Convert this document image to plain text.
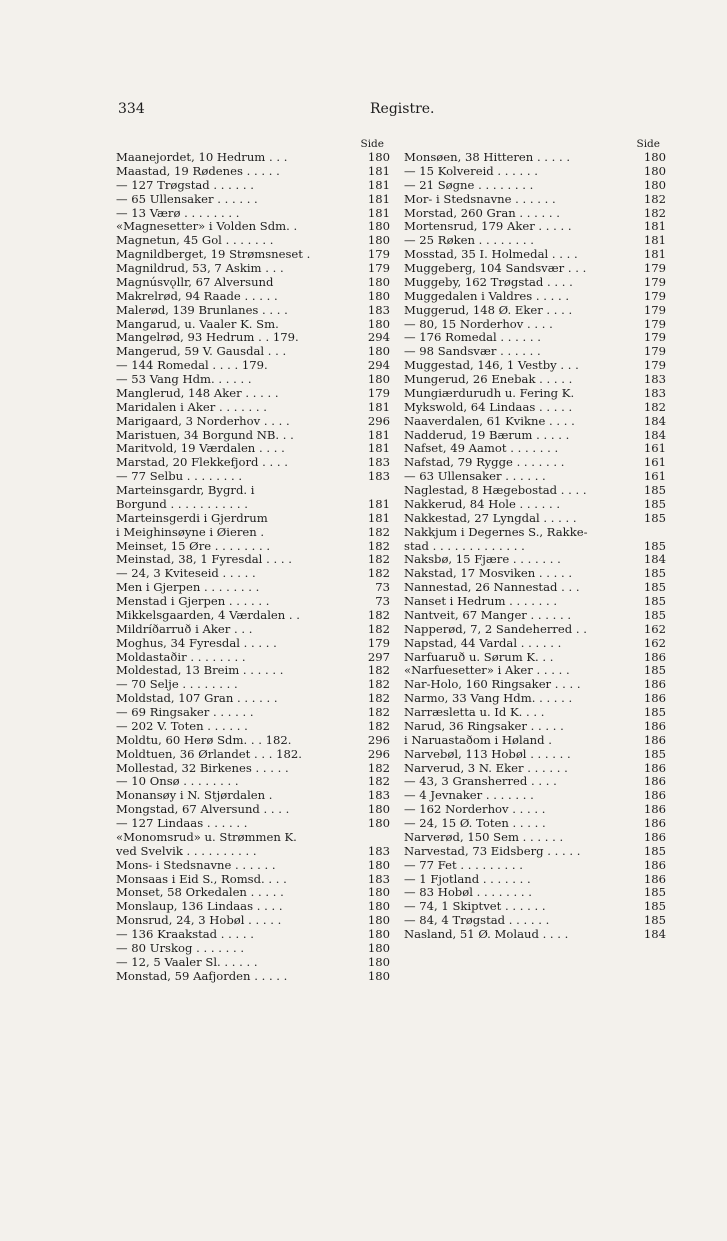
334	Registre.
Side
Maanejordet, 10 Hedrum . . .	180
Maastad, 19 Rødenes . . . . .	181
— 127 Trøgstad . . . . . .	181
— 65 Ullensaker . . . . . .	181
— 13 Værø . . . . . . . .	181
«Magnesetter» i Volden Sdm. .	180
Magnetun, 45 Gol . . . . . . .	180
Magnildberget, 19 Strømsneset .	179
Magnildrud, 53, 7 Askim . . .	179
Magnúsvǫllr, 67 Alversund	180
Makrelrød, 94 Raade . . . . .	180
Malerød, 139 Brunlanes . . . .	183
Mangarud, u. Vaaler K. Sm.	180
Mangelrød, 93 Hedrum . . 179.	294
Mangerud, 59 V. Gausdal . . .	180
— 144 Romedal . . . . 179.	294
— 53 Vang Hdm. . . . . .	180
Manglerud, 148 Aker . . . . .	179
Maridalen i Aker . . . . . . .	181
Marigaard, 3 Norderhov . . . .	296
Maristuen, 34 Borgund NB. . .	181
Maritvold, 19 Værdalen . . . .	181
Marstad, 20 Flekkefjord . . . .	183
— 77 Selbu . . . . . . . .	183
Marteinsgardr, Bygrd. i
Borgund . . . . . . . . . . .	181
Marteinsgerdi i Gjerdrum	181
i Meighinsøyne i Øieren .	182
Meinset, 15 Øre . . . . . . . .	182
Meinstad, 38, 1 Fyresdal . . . .	182
— 24, 3 Kviteseid . . . . .	182
Men i Gjerpen . . . . . . . .	73
Menstad i Gjerpen . . . . . .	73
Mikkelsgaarden, 4 Værdalen . .	182
Mildríðarruð i Aker . . .	182
Moghus, 34 Fyresdal . . . . .	179
Moldastaðir . . . . . . . .	297
Moldestad, 13 Breim . . . . . .	182
— 70 Selje . . . . . . . .	182
Moldstad, 107 Gran . . . . . .	182
— 69 Ringsaker . . . . . .	182
— 202 V. Toten . . . . . .	182
Moldtu, 60 Herø Sdm. . . 182.	296
Moldtuen, 36 Ørlandet . . . 182.	296
Mollestad, 32 Birkenes . . . . .	182
— 10 Onsø . . . . . . . .	182
Monansøy i N. Stjørdalen .	183
Mongstad, 67 Alversund . . . .	180
— 127 Lindaas . . . . . .	180
«Monomsrud» u. Strømmen K.
ved Svelvik . . . . . . . . . .	183
Mons- i Stedsnavne . . . . . .	180
Monsaas i Eid S., Romsd. . . .	183
Monset, 58 Orkedalen . . . . .	180
Monslaup, 136 Lindaas . . . .	180
Monsrud, 24, 3 Hobøl . . . . .	180
— 136 Kraakstad . . . . .	180
— 80 Urskog . . . . . . .	180
— 12, 5 Vaaler Sl. . . . . .	180
Monstad, 59 Aafjorden . . . . .	180
Side
Monsøen, 38 Hitteren . . . . .	180
— 15 Kolvereid . . . . . .	180
— 21 Søgne . . . . . . . .	180
Mor- i Stedsnavne . . . . . .	182
Morstad, 260 Gran . . . . . .	182
Mortensrud, 179 Aker . . . . .	181
— 25 Røken . . . . . . . .	181
Mosstad, 35 I. Holmedal . . . .	181
Muggeberg, 104 Sandsvær . . .	179
Muggeby, 162 Trøgstad . . . .	179
Muggedalen i Valdres . . . . .	179
Muggerud, 148 Ø. Eker . . . .	179
— 80, 15 Norderhov . . . .	179
— 176 Romedal . . . . . .	179
— 98 Sandsvær . . . . . .	179
Muggestad, 146, 1 Vestby . . .	179
Mungerud, 26 Enebak . . . . .	183
Mungiærdurudh u. Fering K.	183
Mykswold, 64 Lindaas . . . . .	182
Naaverdalen, 61 Kvikne . . . .	184
Nadderud, 19 Bærum . . . . .	184
Nafset, 49 Aamot . . . . . . .	161
Nafstad, 79 Rygge . . . . . . .	161
— 63 Ullensaker . . . . . .	161
Naglestad, 8 Hægebostad . . . .	185
Nakkerud, 84 Hole . . . . . .	185
Nakkestad, 27 Lyngdal . . . . .	185
Nakkjum i Degernes S., Rakke-
stad . . . . . . . . . . . . .	185
Naksbø, 15 Fjære . . . . . . .	184
Nakstad, 17 Mosviken . . . . .	185
Nannestad, 26 Nannestad . . .	185
Nanset i Hedrum . . . . . . .	185
Nantveit, 67 Manger . . . . . .	185
Napperød, 7, 2 Sandeherred . .	162
Napstad, 44 Vardal . . . . . .	162
Narfuaruð u. Sørum K. . .	186
«Narfuesetter» i Aker . . . . .	185
Nar-Holo, 160 Ringsaker . . . .	186
Narmo, 33 Vang Hdm. . . . . .	186
Narræsletta u. Id K. . . .	185
Narud, 36 Ringsaker . . . . .	186
i Naruastaðom i Høland .	186
Narvebøl, 113 Hobøl . . . . . .	185
Narverud, 3 N. Eker . . . . . .	186
— 43, 3 Gransherred . . . .	186
— 4 Jevnaker . . . . . . .	186
— 162 Norderhov . . . . .	186
— 24, 15 Ø. Toten . . . . .	186
Narverød, 150 Sem . . . . . .	186
Narvestad, 73 Eidsberg . . . . .	185
— 77 Fet . . . . . . . . .	186
— 1 Fjotland . . . . . . .	186
— 83 Hobøl . . . . . . . .	185
— 74, 1 Skiptvet . . . . . .	185
— 84, 4 Trøgstad . . . . . .	185
Nasland, 51 Ø. Molaud . . . .	184
